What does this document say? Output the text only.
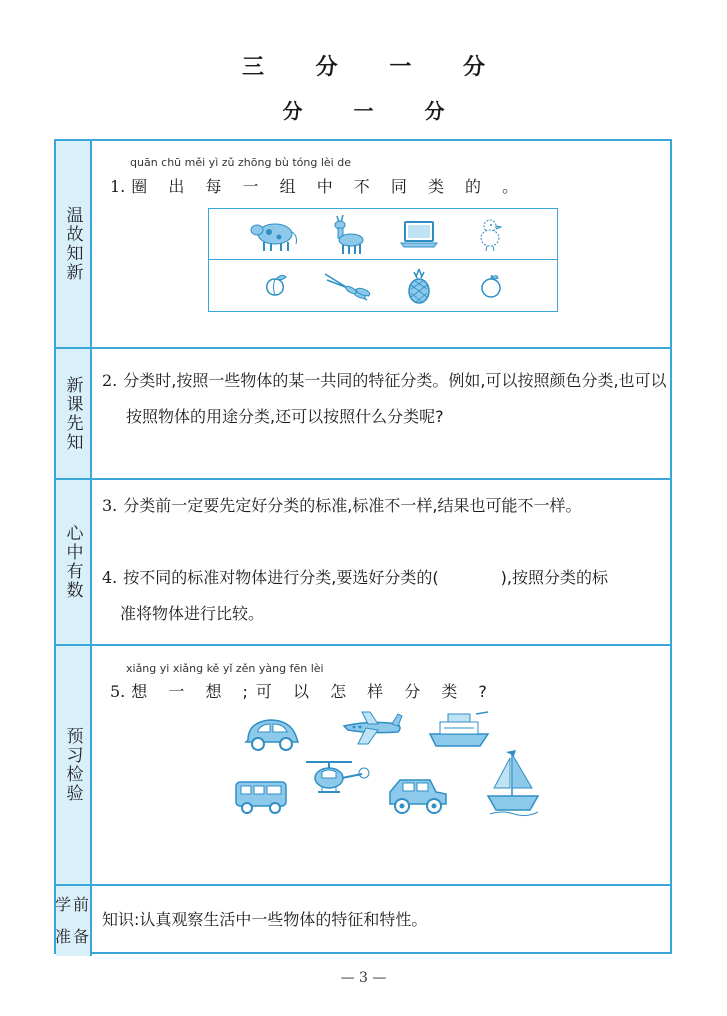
三 分 一 分
分 一 分
温故知新
quān chū měi yì zǔ zhōng bù tóng lèi de
1. 圈 出 每 一 组 中 不 同 类 的 。
新课先知 2. 分类时,按照一些物体的某一共同的特征分类。例如,可以按照颜色分类,也可以按照物体的用途分类,还可以按照什么分类呢?
心中有数
3. 分类前一定要先定好分类的标准,标准不一样,结果也可能不一样。
4. 按不同的标准对物体进行分类,要选好分类的(	),按照分类的标
准将物体进行比较。
预习检验
xiǎng yi xiǎng kě yǐ zěn yàng fēn lèi
5. 想 一 想 ;可 以 怎 样 分 类 ?
学前
准备
知识:认真观察生活中一些物体的特征和特性。
— 3 —
